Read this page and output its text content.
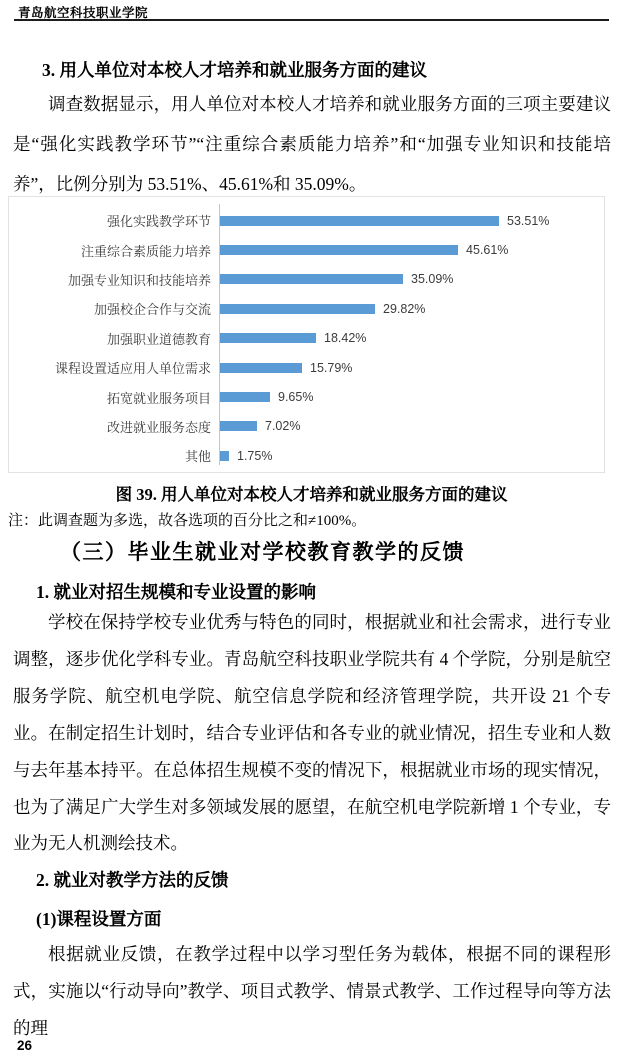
青岛航空科技职业学院
3. 用人单位对本校人才培养和就业服务方面的建议

调查数据显示，用人单位对本校人才培养和就业服务方面的三项主要建议是“强化实践教学环节”“注重综合素质能力培养”和“加强专业知识和技能培养”，比例分别为 53.51%、45.61%和 35.09%。

强化实践教学环节	53.51%
注重综合素质能力培养	45.61%
加强专业知识和技能培养	35.09%
加强校企合作与交流	29.82%
加强职业道德教育	18.42%
课程设置适应用人单位需求	15.79%
拓宽就业服务项目	9.65%
改进就业服务态度	7.02%
其他	1.75%
图 39. 用人单位对本校人才培养和就业服务方面的建议
注：此调查题为多选，故各选项的百分比之和≠100%。
（三）毕业生就业对学校教育教学的反馈
1. 就业对招生规模和专业设置的影响

学校在保持学校专业优秀与特色的同时，根据就业和社会需求，进行专业调整，逐步优化学科专业。青岛航空科技职业学院共有 4 个学院，分别是航空服务学院、航空机电学院、航空信息学院和经济管理学院，共开设 21 个专业。在制定招生计划时，结合专业评估和各专业的就业情况，招生专业和人数与去年基本持平。在总体招生规模不变的情况下，根据就业市场的现实情况，也为了满足广大学生对多领域发展的愿望，在航空机电学院新增 1 个专业，专业为无人机测绘技术。

2. 就业对教学方法的反馈
(1)课程设置方面

根据就业反馈，在教学过程中以学习型任务为载体，根据不同的课程形式，实施以“行动导向”教学、项目式教学、情景式教学、工作过程导向等方法的理

26
